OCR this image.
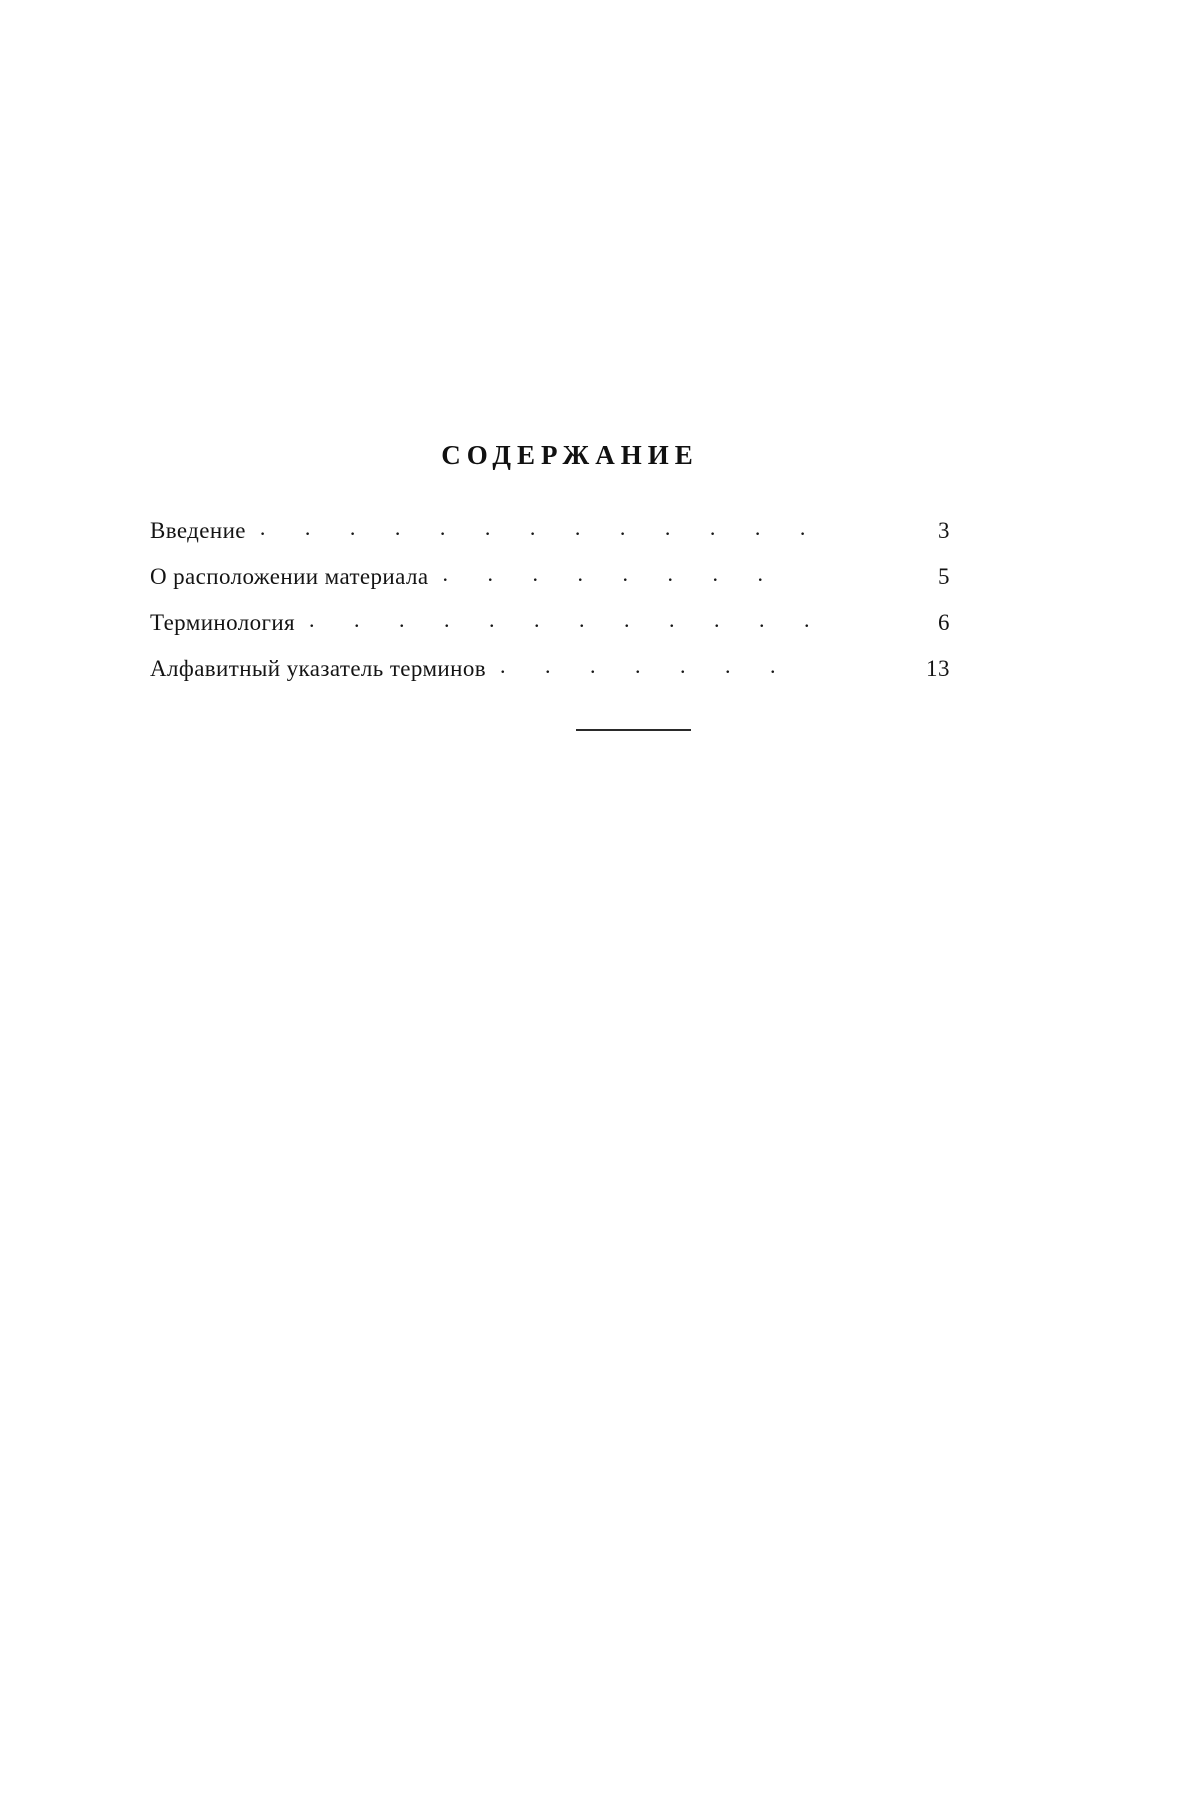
СОДЕРЖАНИЕ
Введение . . . . . . . . . . . . .	3
О расположении материала . . . . . . . .	5
Терминология . . . . . . . . . . . .	6
Алфавитный указатель терминов . . . . . . .	13
